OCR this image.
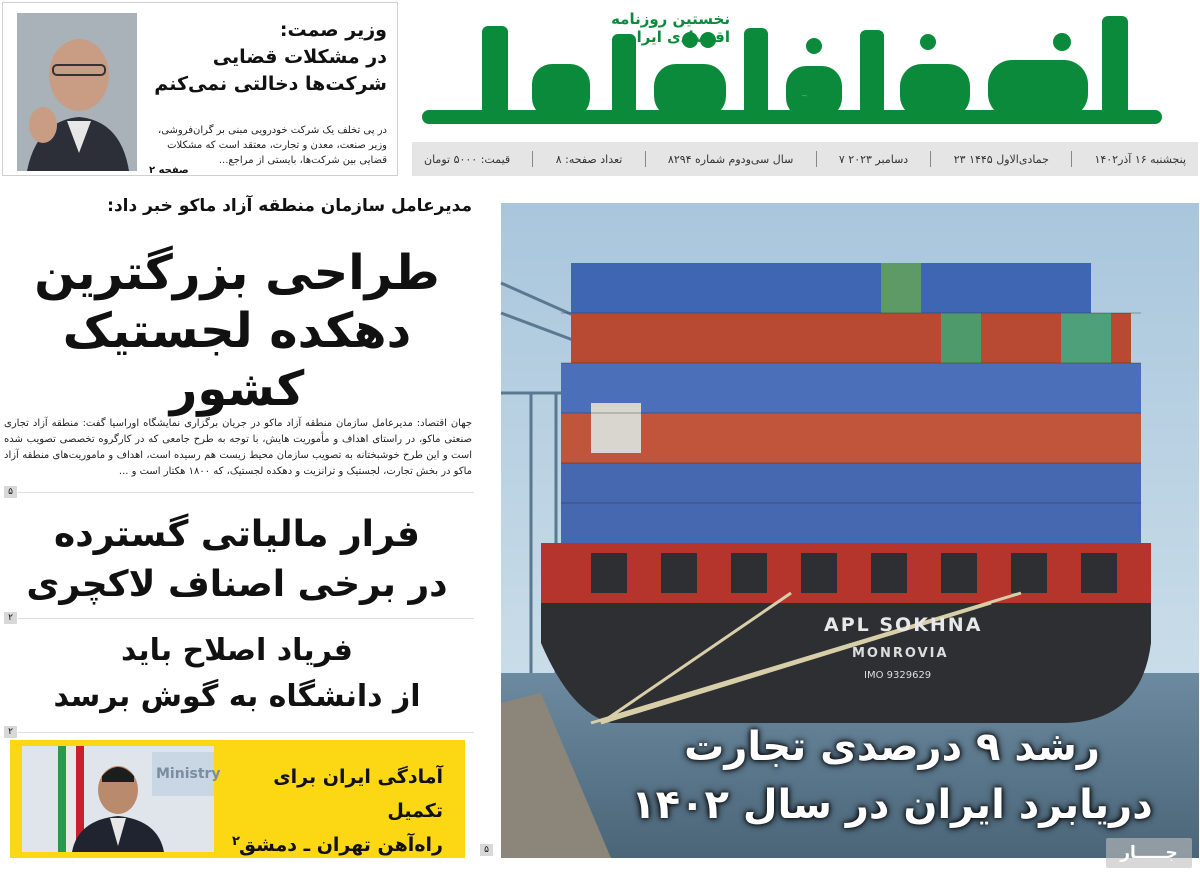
جهان اقتصاد
نخستین روزنامه
اقتصادی ایران
پنجشنبه ۱۶ آذر۱۴۰۲
۲۳ جمادی‌الاول ۱۴۴۵
۷ دسامبر ۲۰۲۳
سال سی‌ودوم شماره ۸۲۹۴
تعداد صفحه: ۸
قیمت: ۵۰۰۰ تومان
وزیر صمت:
در مشکلات قضایی
شرکت‌ها دخالتی نمی‌کنم
در پی تخلف یک شرکت خودرویی مبنی بر گران‌فروشی، وزیر صنعت، معدن و تجارت، معتقد است که مشکلات قضایی بین شرکت‌ها، بایستی از مراجع...
صفحه ۲
مدیرعامل سازمان منطقه آزاد ماکو خبر داد:
طراحی بزرگترین
دهکده لجستیک کشور
جهان اقتصاد: مدیرعامل سازمان منطقه آزاد ماکو در جریان برگزاری نمایشگاه اوراسیا گفت: منطقه آزاد تجاری صنعتی ماکو، در راستای اهداف و مأموریت هایش، با توجه به طرح جامعی که در کارگروه تخصصی تصویب شده است و این طرح خوشبختانه به تصویب سازمان محیط زیست هم رسیده است، اهداف و ماموریت‌های منطقه آزاد ماکو در بخش تجارت، لجستیک و ترانزیت و دهکده لجستیک، که ۱۸۰۰ هکتار است و ...
۵
فرار مالیاتی گسترده
در برخی اصناف لاکچری
۲
فریاد اصلاح باید
از دانشگاه به گوش برسد
۲
Ministry	آمادگی ایران برای تکمیل
راه‌آهن تهران ـ دمشق
۲
APL SOKHNA
MONROVIA
IMO 9329629
رشد ۹ درصدی تجارت
دریابرد ایران در سال ۱۴۰۲
۵	جـــــار
